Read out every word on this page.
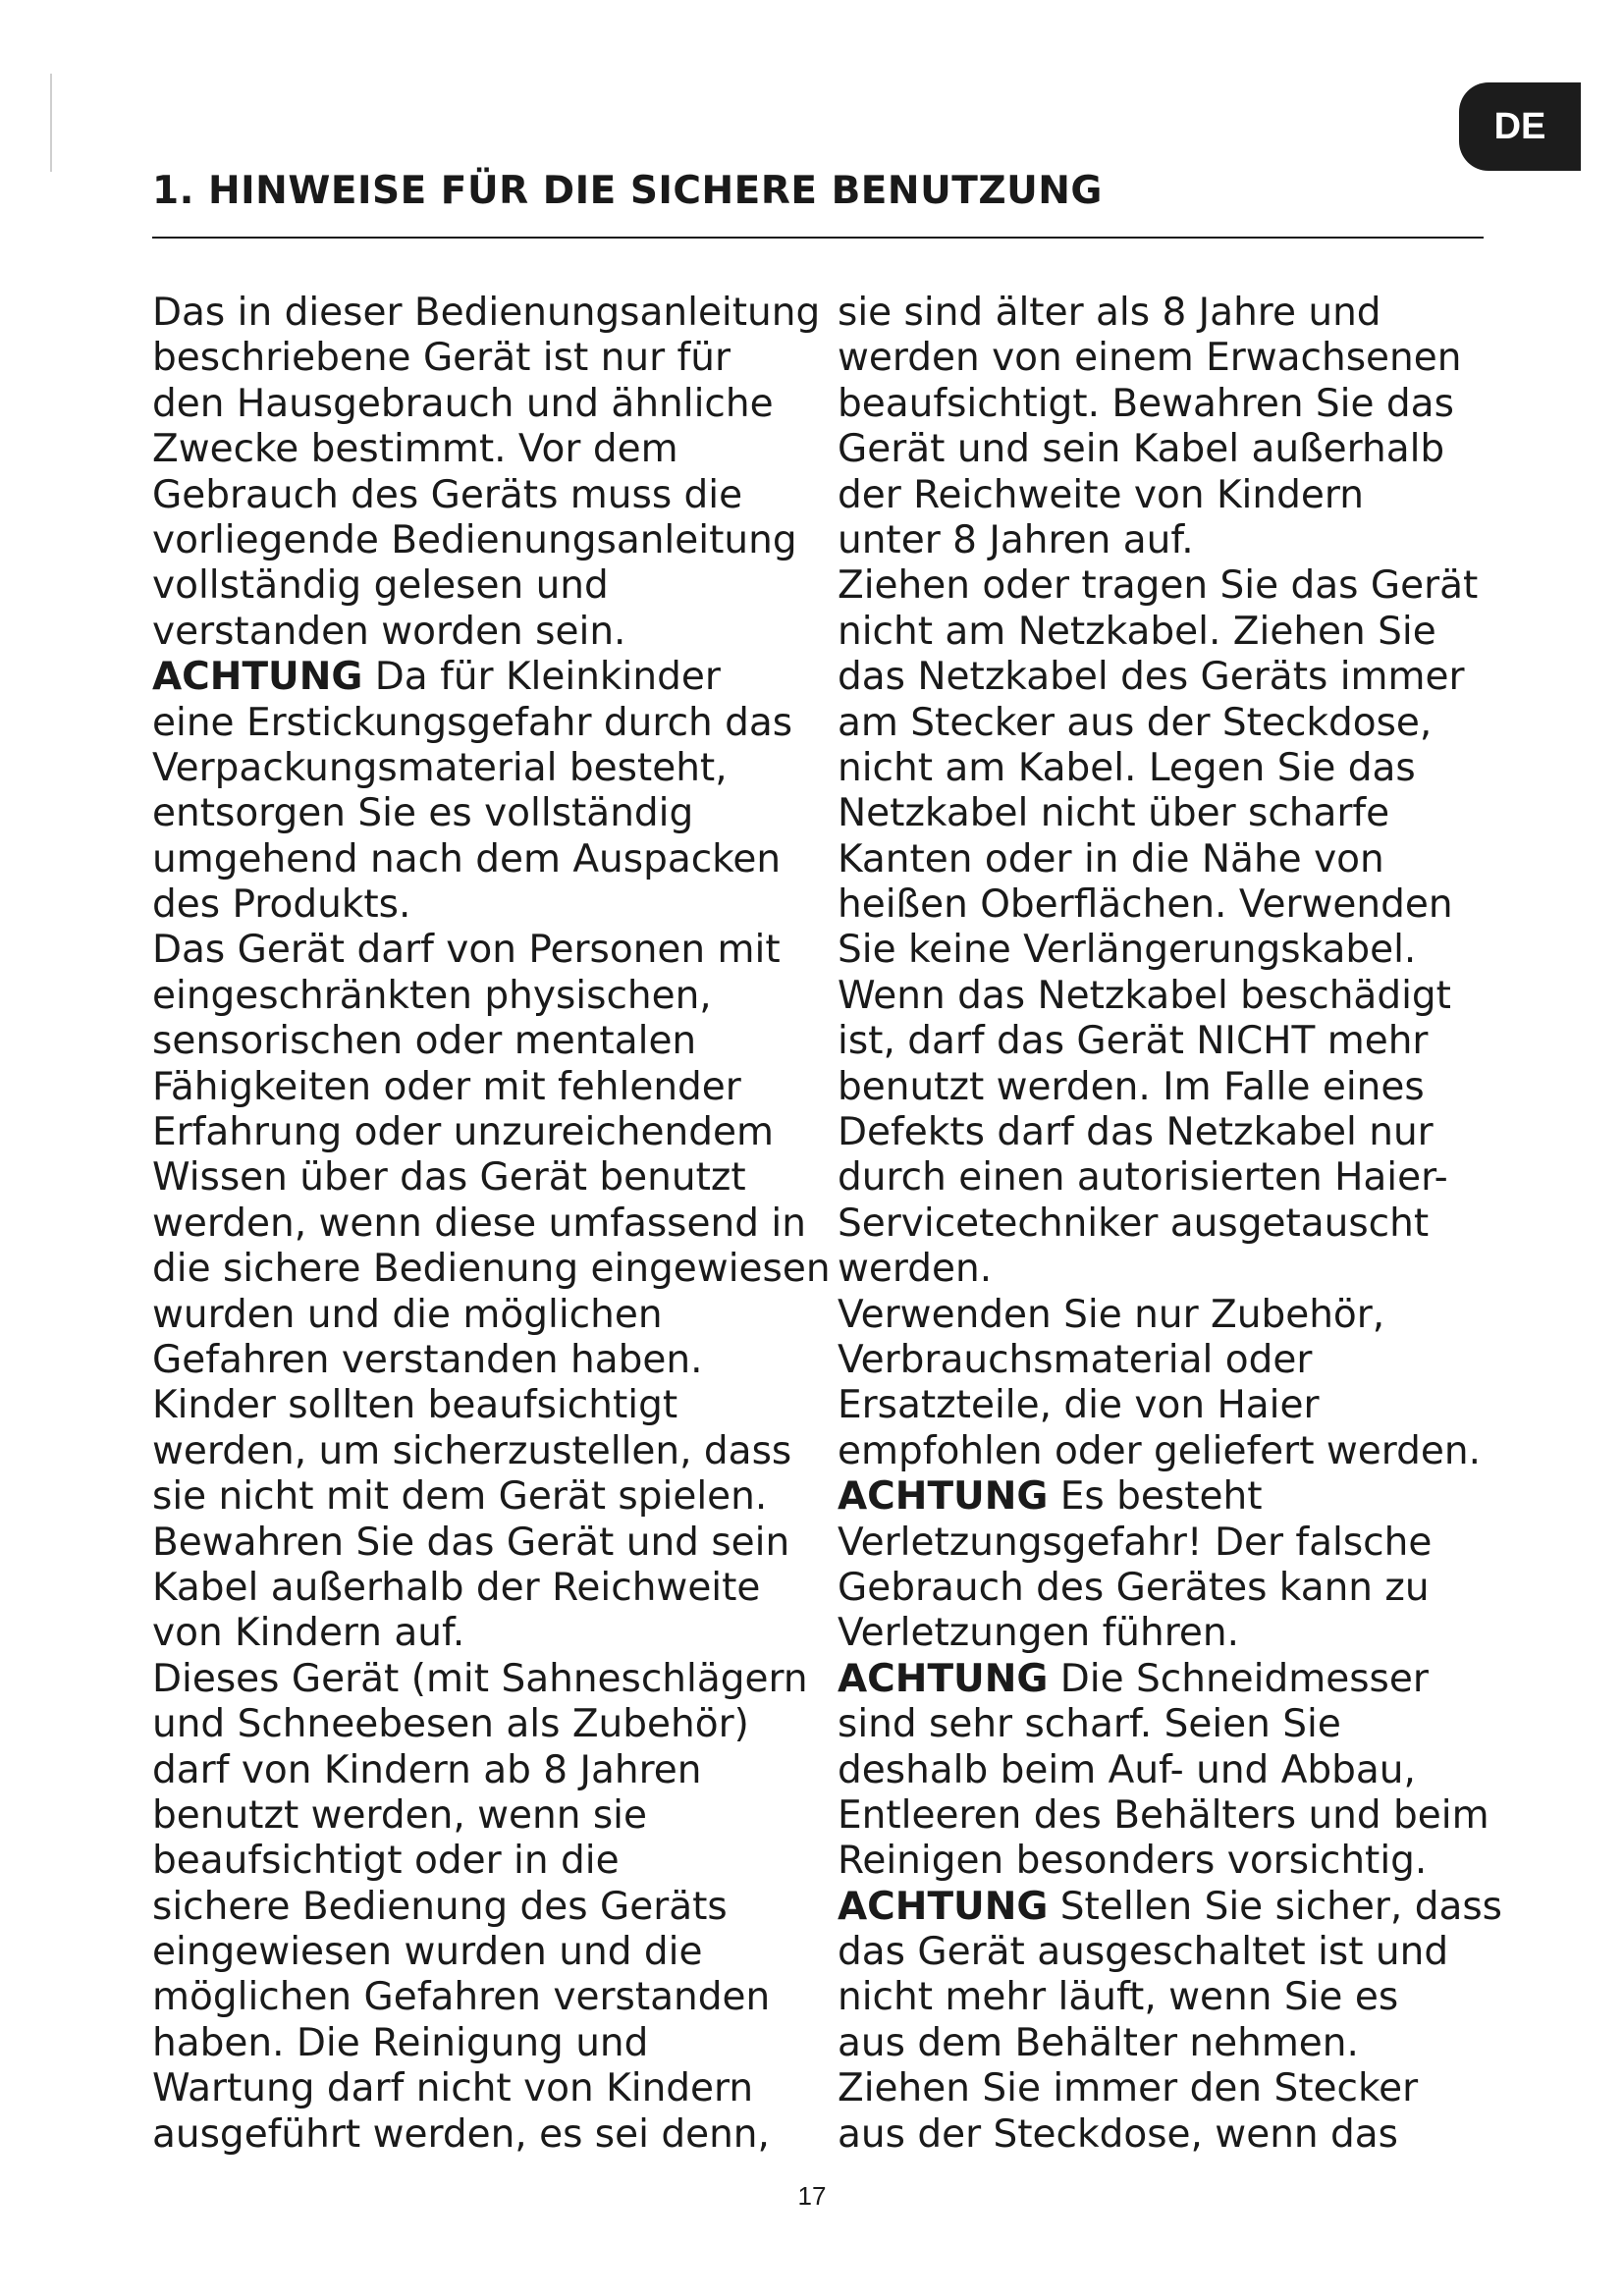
DE
1. HINWEISE FÜR DIE SICHERE BENUTZUNG
Das in dieser Bedienungsanleitung
beschriebene Gerät ist nur für
den Hausgebrauch und ähnliche
Zwecke bestimmt. Vor dem
Gebrauch des Geräts muss die
vorliegende Bedienungsanleitung
vollständig gelesen und
verstanden worden sein.
ACHTUNG Da für Kleinkinder
eine Erstickungsgefahr durch das
Verpackungsmaterial besteht,
entsorgen Sie es vollständig
umgehend nach dem Auspacken
des Produkts.
Das Gerät darf von Personen mit
eingeschränkten physischen,
sensorischen oder mentalen
Fähigkeiten oder mit fehlender
Erfahrung oder unzureichendem
Wissen über das Gerät benutzt
werden, wenn diese umfassend in
die sichere Bedienung eingewiesen
wurden und die möglichen
Gefahren verstanden haben.
Kinder sollten beaufsichtigt
werden, um sicherzustellen, dass
sie nicht mit dem Gerät spielen.
Bewahren Sie das Gerät und sein
Kabel außerhalb der Reichweite
von Kindern auf.
Dieses Gerät (mit Sahneschlägern
und Schneebesen als Zubehör)
darf von Kindern ab 8 Jahren
benutzt werden, wenn sie
beaufsichtigt oder in die
sichere Bedienung des Geräts
eingewiesen wurden und die
möglichen Gefahren verstanden
haben. Die Reinigung und
Wartung darf nicht von Kindern
ausgeführt werden, es sei denn,
sie sind älter als 8 Jahre und
werden von einem Erwachsenen
beaufsichtigt. Bewahren Sie das
Gerät und sein Kabel außerhalb
der Reichweite von Kindern
unter 8 Jahren auf.
Ziehen oder tragen Sie das Gerät
nicht am Netzkabel. Ziehen Sie
das Netzkabel des Geräts immer
am Stecker aus der Steckdose,
nicht am Kabel. Legen Sie das
Netzkabel nicht über scharfe
Kanten oder in die Nähe von
heißen Oberflächen. Verwenden
Sie keine Verlängerungskabel.
Wenn das Netzkabel beschädigt
ist, darf das Gerät NICHT mehr
benutzt werden. Im Falle eines
Defekts darf das Netzkabel nur
durch einen autorisierten Haier-
Servicetechniker ausgetauscht
werden.
Verwenden Sie nur Zubehör,
Verbrauchsmaterial oder
Ersatzteile, die von Haier
empfohlen oder geliefert werden.
ACHTUNG Es besteht
Verletzungsgefahr! Der falsche
Gebrauch des Gerätes kann zu
Verletzungen führen.
ACHTUNG Die Schneidmesser
sind sehr scharf. Seien Sie
deshalb beim Auf- und Abbau,
Entleeren des Behälters und beim
Reinigen besonders vorsichtig.
ACHTUNG Stellen Sie sicher, dass
das Gerät ausgeschaltet ist und
nicht mehr läuft, wenn Sie es
aus dem Behälter nehmen.
Ziehen Sie immer den Stecker
aus der Steckdose, wenn das
17
